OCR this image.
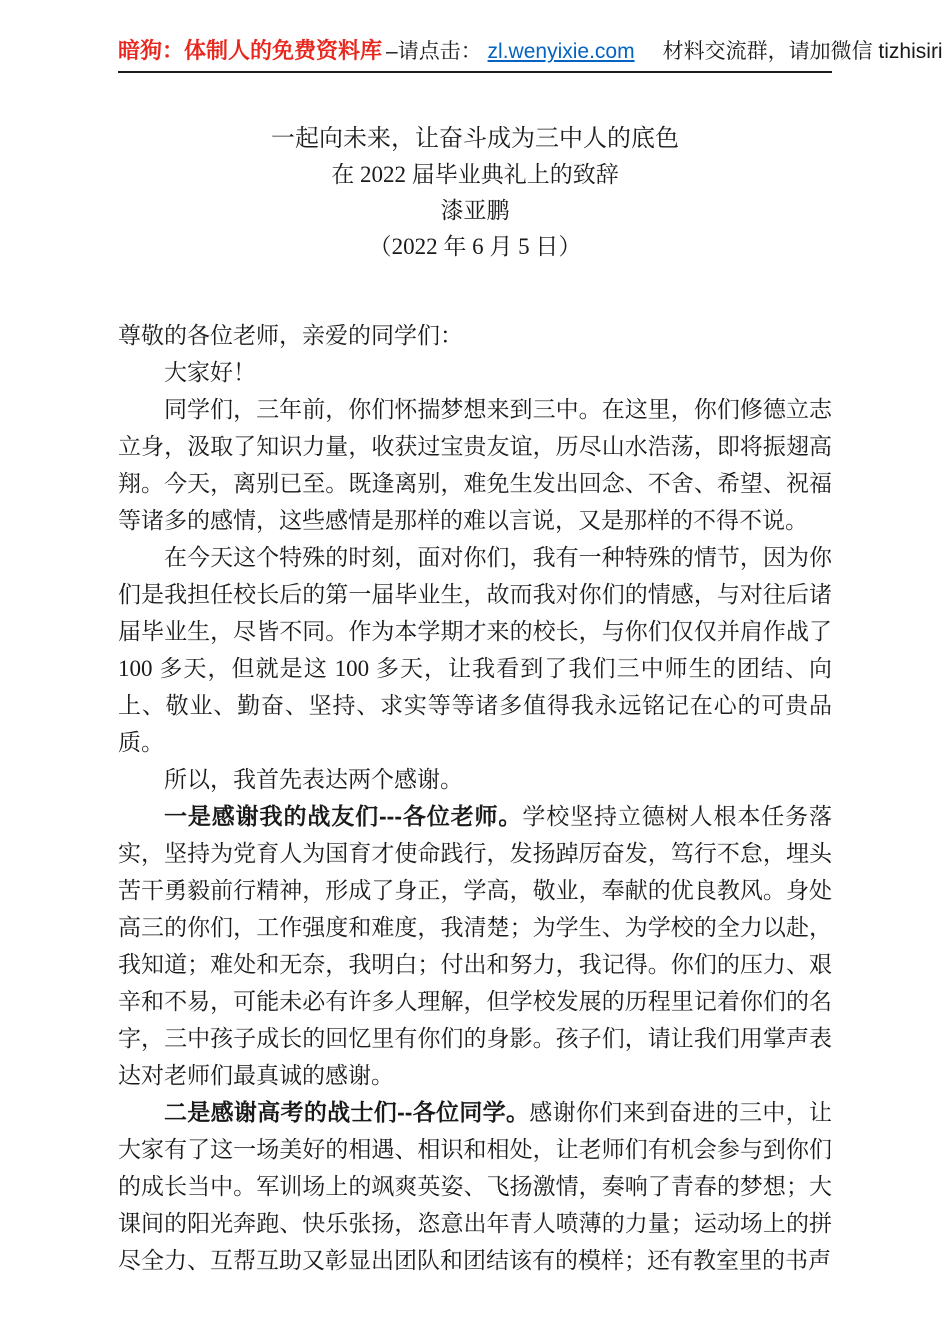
暗狗：体制人的免费资料库 –请点击： zl.wenyixie.com 材料交流群，请加微信 tizhisiri
一起向未来，让奋斗成为三中人的底色
在 2022 届毕业典礼上的致辞
漆亚鹏
（2022 年 6 月 5 日）

尊敬的各位老师，亲爱的同学们：

大家好！

同学们，三年前，你们怀揣梦想来到三中。在这里，你们修德立志立身，汲取了知识力量，收获过宝贵友谊，历尽山水浩荡，即将振翅高翔。今天，离别已至。既逢离别，难免生发出回念、不舍、希望、祝福等诸多的感情，这些感情是那样的难以言说，又是那样的不得不说。

在今天这个特殊的时刻，面对你们，我有一种特殊的情节，因为你们是我担任校长后的第一届毕业生，故而我对你们的情感，与对往后诸届毕业生，尽皆不同。作为本学期才来的校长，与你们仅仅并肩作战了 100 多天，但就是这 100 多天，让我看到了我们三中师生的团结、向上、敬业、勤奋、坚持、求实等等诸多值得我永远铭记在心的可贵品质。

所以，我首先表达两个感谢。

一是感谢我的战友们---各位老师。学校坚持立德树人根本任务落实，坚持为党育人为国育才使命践行，发扬踔厉奋发，笃行不怠，埋头苦干勇毅前行精神，形成了身正，学高，敬业，奉献的优良教风。身处高三的你们，工作强度和难度，我清楚；为学生、为学校的全力以赴，我知道；难处和无奈，我明白；付出和努力，我记得。你们的压力、艰辛和不易，可能未必有许多人理解，但学校发展的历程里记着你们的名字，三中孩子成长的回忆里有你们的身影。孩子们，请让我们用掌声表达对老师们最真诚的感谢。

二是感谢高考的战士们--各位同学。感谢你们来到奋进的三中，让大家有了这一场美好的相遇、相识和相处，让老师们有机会参与到你们的成长当中。军训场上的飒爽英姿、飞扬激情，奏响了青春的梦想；大课间的阳光奔跑、快乐张扬，恣意出年青人喷薄的力量；运动场上的拼尽全力、互帮互助又彰显出团队和团结该有的模样；还有教室里的书声
